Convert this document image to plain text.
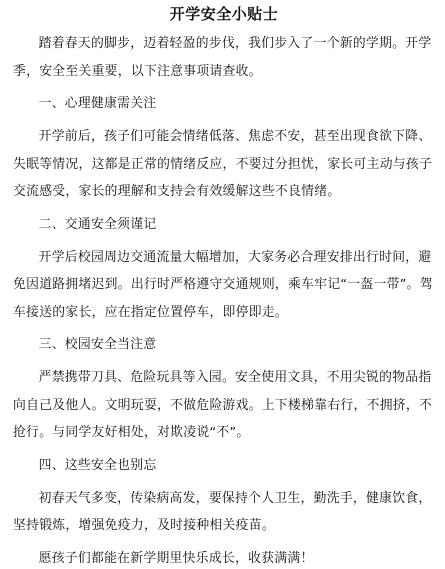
开学安全小贴士
踏着春天的脚步，迈着轻盈的步伐，我们步入了一个新的学期。开学季，安全至关重要，以下注意事项请查收。
一、心理健康需关注
开学前后，孩子们可能会情绪低落、焦虑不安，甚至出现食欲下降、失眠等情况，这都是正常的情绪反应，不要过分担忧，家长可主动与孩子交流感受，家长的理解和支持会有效缓解这些不良情绪。
二、交通安全须谨记
开学后校园周边交通流量大幅增加，大家务必合理安排出行时间，避免因道路拥堵迟到。出行时严格遵守交通规则，乘车牢记“一盔一带”。驾车接送的家长，应在指定位置停车，即停即走。
三、校园安全当注意
严禁携带刀具、危险玩具等入园。安全使用文具，不用尖锐的物品指向自己及他人。文明玩耍，不做危险游戏。上下楼梯靠右行，不拥挤，不抢行。与同学友好相处，对欺凌说“不”。
四、这些安全也别忘
初春天气多变，传染病高发，要保持个人卫生，勤洗手，健康饮食，坚持锻炼，增强免疫力，及时接种相关疫苗。
愿孩子们都能在新学期里快乐成长，收获满满！
